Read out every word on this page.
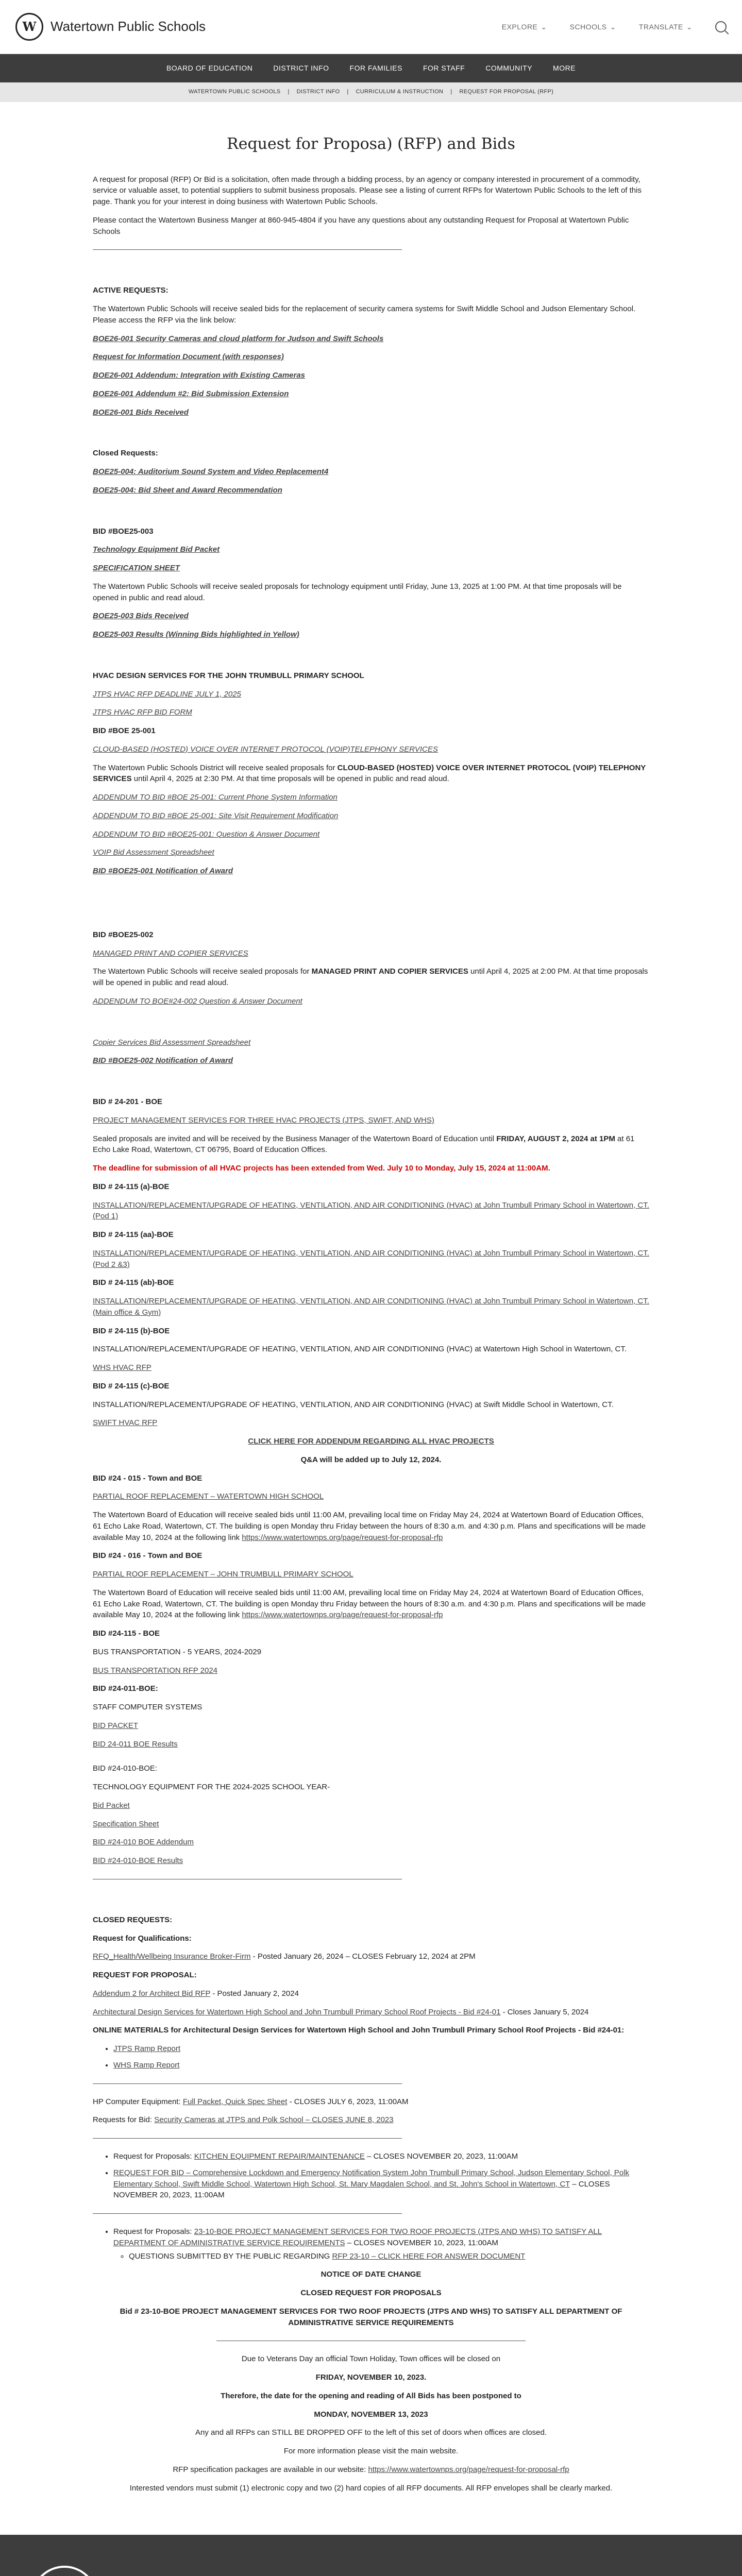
W	Watertown Public Schools	EXPLORE ⌄	SCHOOLS ⌄	TRANSLATE ⌄
BOARD OF EDUCATION	DISTRICT INFO	FOR FAMILIES	FOR STAFF	COMMUNITY	MORE
WATERTOWN PUBLIC SCHOOLS | DISTRICT INFO | CURRICULUM & INSTRUCTION | REQUEST FOR PROPOSAL (RFP)
Request for Proposa) (RFP) and Bids

A request for proposal (RFP) Or Bid is a solicitation, often made through a bidding process, by an agency or company interested in procurement of a commodity, service or valuable asset, to potential suppliers to submit business proposals. Please see a listing of current RFPs for Watertown Public Schools to the left of this page. Thank you for your interest in doing business with Watertown Public Schools.

Please contact the Watertown Business Manger at 860-945-4804 if you have any questions about any outstanding Request for Proposal at Watertown Public Schools

ACTIVE REQUESTS:

The Watertown Public Schools will receive sealed bids for the replacement of security camera systems for Swift Middle School and Judson Elementary School. Please access the RFP via the link below:

BOE26-001 Security Cameras and cloud platform for Judson and Swift Schools

Request for Information Document (with responses)

BOE26-001 Addendum: Integration with Existing Cameras

BOE26-001 Addendum #2: Bid Submission Extension

BOE26-001 Bids Received

Closed Requests:

BOE25-004: Auditorium Sound System and Video Replacement4

BOE25-004: Bid Sheet and Award Recommendation

BID #BOE25-003

Technology Equipment Bid Packet

SPECIFICATION SHEET

The Watertown Public Schools will receive sealed proposals for technology equipment until Friday, June 13, 2025 at 1:00 PM. At that time proposals will be opened in public and read aloud.

BOE25-003 Bids Received

BOE25-003 Results (Winning Bids highlighted in Yellow)

HVAC DESIGN SERVICES FOR THE JOHN TRUMBULL PRIMARY SCHOOL

JTPS HVAC RFP DEADLINE JULY 1, 2025

JTPS HVAC RFP BID FORM

BID #BOE 25-001

CLOUD-BASED (HOSTED) VOICE OVER INTERNET PROTOCOL (VOIP)TELEPHONY SERVICES

The Watertown Public Schools District will receive sealed proposals for CLOUD-BASED (HOSTED) VOICE OVER INTERNET PROTOCOL (VOIP) TELEPHONY SERVICES until April 4, 2025 at 2:30 PM. At that time proposals will be opened in public and read aloud.

ADDENDUM TO BID #BOE 25-001: Current Phone System Information

ADDENDUM TO BID #BOE 25-001: Site Visit Requirement Modification

ADDENDUM TO BID #BOE25-001: Question & Answer Document

VOIP Bid Assessment Spreadsheet

BID #BOE25-001 Notification of Award

BID #BOE25-002

MANAGED PRINT AND COPIER SERVICES

The Watertown Public Schools will receive sealed proposals for MANAGED PRINT AND COPIER SERVICES until April 4, 2025 at 2:00 PM. At that time proposals will be opened in public and read aloud.

ADDENDUM TO BOE#24-002 Question & Answer Document

Copier Services Bid Assessment Spreadsheet

BID #BOE25-002 Notification of Award

BID # 24-201 - BOE

PROJECT MANAGEMENT SERVICES FOR THREE HVAC PROJECTS (JTPS, SWIFT, AND WHS)

Sealed proposals are invited and will be received by the Business Manager of the Watertown Board of Education until FRIDAY, AUGUST 2, 2024 at 1PM at 61 Echo Lake Road, Watertown, CT 06795, Board of Education Offices.

The deadline for submission of all HVAC projects has been extended from Wed. July 10 to Monday, July 15, 2024 at 11:00AM.

BID # 24-115 (a)-BOE

INSTALLATION/REPLACEMENT/UPGRADE OF HEATING, VENTILATION, AND AIR CONDITIONING (HVAC) at John Trumbull Primary School in Watertown, CT. (Pod 1)

BID # 24-115 (aa)-BOE

INSTALLATION/REPLACEMENT/UPGRADE OF HEATING, VENTILATION, AND AIR CONDITIONING (HVAC) at John Trumbull Primary School in Watertown, CT. (Pod 2 &3)

BID # 24-115 (ab)-BOE

INSTALLATION/REPLACEMENT/UPGRADE OF HEATING, VENTILATION, AND AIR CONDITIONING (HVAC) at John Trumbull Primary School in Watertown, CT. (Main office & Gym)

BID # 24-115 (b)-BOE

INSTALLATION/REPLACEMENT/UPGRADE OF HEATING, VENTILATION, AND AIR CONDITIONING (HVAC) at Watertown High School in Watertown, CT.

WHS HVAC RFP

BID # 24-115 (c)-BOE

INSTALLATION/REPLACEMENT/UPGRADE OF HEATING, VENTILATION, AND AIR CONDITIONING (HVAC) at Swift Middle School in Watertown, CT.

SWIFT HVAC RFP

CLICK HERE FOR ADDENDUM REGARDING ALL HVAC PROJECTS

Q&A will be added up to July 12, 2024.

BID #24 - 015 - Town and BOE

PARTIAL ROOF REPLACEMENT – WATERTOWN HIGH SCHOOL

The Watertown Board of Education will receive sealed bids until 11:00 AM, prevailing local time on Friday May 24, 2024 at Watertown Board of Education Offices, 61 Echo Lake Road, Watertown, CT. The building is open Monday thru Friday between the hours of 8:30 a.m. and 4:30 p.m. Plans and specifications will be made available May 10, 2024 at the following link https://www.watertownps.org/page/request-for-proposal-rfp

BID #24 - 016 - Town and BOE

PARTIAL ROOF REPLACEMENT – JOHN TRUMBULL PRIMARY SCHOOL

The Watertown Board of Education will receive sealed bids until 11:00 AM, prevailing local time on Friday May 24, 2024 at Watertown Board of Education Offices, 61 Echo Lake Road, Watertown, CT. The building is open Monday thru Friday between the hours of 8:30 a.m. and 4:30 p.m. Plans and specifications will be made available May 10, 2024 at the following link https://www.watertownps.org/page/request-for-proposal-rfp

BID #24-115 - BOE

BUS TRANSPORTATION - 5 YEARS, 2024-2029

BUS TRANSPORTATION RFP 2024

BID #24-011-BOE:

STAFF COMPUTER SYSTEMS

BID PACKET

BID 24-011 BOE Results

BID #24-010-BOE:

TECHNOLOGY EQUIPMENT FOR THE 2024-2025 SCHOOL YEAR-

Bid Packet

Specification Sheet

BID #24-010 BOE Addendum

BID #24-010-BOE Results

CLOSED REQUESTS:

Request for Qualifications:

RFQ_Health/Wellbeing Insurance Broker-Firm - Posted January 26, 2024 – CLOSES February 12, 2024 at 2PM

REQUEST FOR PROPOSAL:

Addendum 2 for Architect Bid RFP - Posted January 2, 2024

Architectural Design Services for Watertown High School and John Trumbull Primary School Roof Projects - Bid #24-01 - Closes January 5, 2024

ONLINE MATERIALS for Architectural Design Services for Watertown High School and John Trumbull Primary School Roof Projects - Bid #24-01:

• JTPS Ramp Report
• WHS Ramp Report

HP Computer Equipment: Full Packet, Quick Spec Sheet - CLOSES JULY 6, 2023, 11:00AM

Requests for Bid: Security Cameras at JTPS and Polk School – CLOSES JUNE 8, 2023

• Request for Proposals: KITCHEN EQUIPMENT REPAIR/MAINTENANCE – CLOSES NOVEMBER 20, 2023, 11:00AM
• REQUEST FOR BID – Comprehensive Lockdown and Emergency Notification System John Trumbull Primary School, Judson Elementary School, Polk Elementary School, Swift Middle School, Watertown High School, St. Mary Magdalen School, and St. John's School in Watertown, CT – CLOSES NOVEMBER 20, 2023, 11:00AM
• Request for Proposals: 23-10-BOE PROJECT MANAGEMENT SERVICES FOR TWO ROOF PROJECTS (JTPS AND WHS) TO SATISFY ALL DEPARTMENT OF ADMINISTRATIVE SERVICE REQUIREMENTS – CLOSES NOVEMBER 10, 2023, 11:00AM
◦ QUESTIONS SUBMITTED BY THE PUBLIC REGARDING RFP 23-10 – CLICK HERE FOR ANSWER DOCUMENT

NOTICE OF DATE CHANGE

CLOSED REQUEST FOR PROPOSALS

Bid # 23-10-BOE PROJECT MANAGEMENT SERVICES FOR TWO ROOF PROJECTS (JTPS AND WHS) TO SATISFY ALL DEPARTMENT OF ADMINISTRATIVE SERVICE REQUIREMENTS

Due to Veterans Day an official Town Holiday, Town offices will be closed on

FRIDAY, NOVEMBER 10, 2023.

Therefore, the date for the opening and reading of All Bids has been postponed to

MONDAY, NOVEMBER 13, 2023

Any and all RFPs can STILL BE DROPPED OFF to the left of this set of doors when offices are closed.

For more information please visit the main website.

RFP specification packages are available in our website: https://www.watertownps.org/page/request-for-proposal-rfp

Interested vendors must submit (1) electronic copy and two (2) hard copies of all RFP documents. All RFP envelopes shall be clearly marked.
